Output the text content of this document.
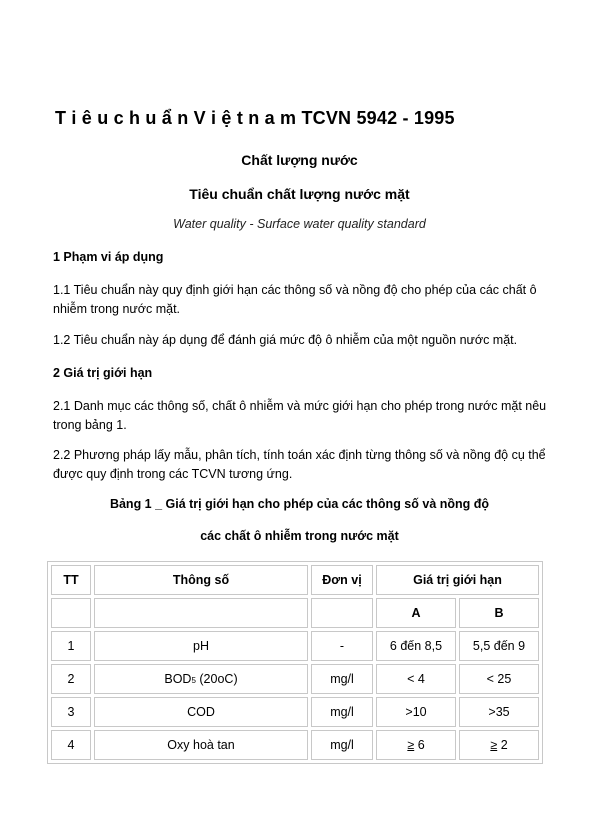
T i ê u c h u ẩ n V i ệ t n a m TCVN 5942 - 1995
Chất lượng nước
Tiêu chuẩn chất lượng nước mặt
Water quality - Surface water quality standard
1 Phạm vi áp dụng
1.1 Tiêu chuẩn này quy định giới hạn các thông số và nồng độ cho phép của các chất ô nhiễm trong nước mặt.
1.2 Tiêu chuẩn này áp dụng để đánh giá mức độ ô nhiễm của một nguồn nước mặt.
2 Giá trị giới hạn
2.1 Danh mục các thông số, chất ô nhiễm và mức giới hạn cho phép trong nước mặt nêu trong bảng 1.
2.2 Phương pháp lấy mẫu, phân tích, tính toán xác định từng thông số và nồng độ cụ thể được quy định trong các TCVN tương ứng.
Bảng 1 _ Giá trị giới hạn cho phép của các thông số và nồng độ
các chất ô nhiễm trong nước mặt
TT	Thông số	Đơn vị	Giá trị giới hạn	
			A	B
1	pH	-	6 đến 8,5	5,5 đến 9
2	BOD5 (20oC)	mg/l	< 4	< 25
3	COD	mg/l	>10	>35
4	Oxy hoà tan	mg/l	≥ 6	≥ 2
